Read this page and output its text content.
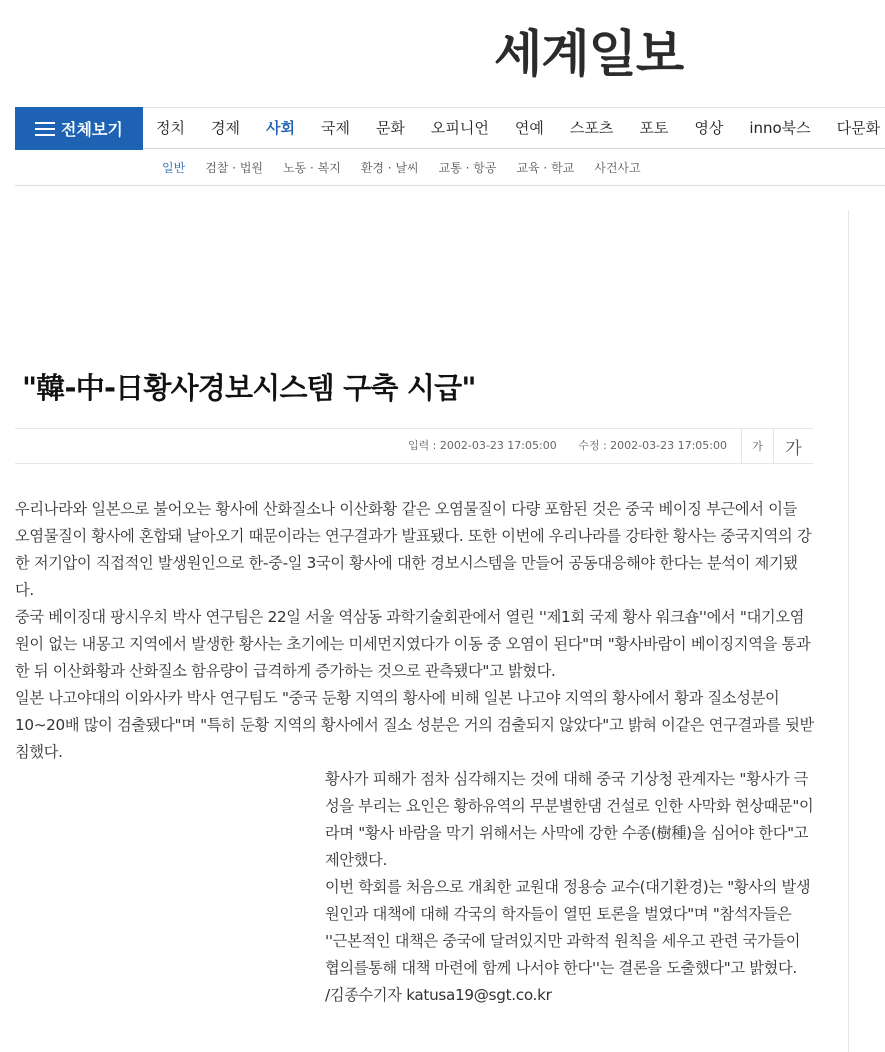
세계일보
전체보기	정치	경제	사회	국제	문화	오피니언	연예	스포츠	포토	영상	inno북스	다문화
일반 검찰 · 법원 노동 · 복지 환경 · 날씨 교통 · 항공 교육 · 학교 사건사고
"韓-中-日황사경보시스템 구축 시급"
입력 : 2002-03-23 17:05:00 수정 : 2002-03-23 17:05:00	가	가

우리나라와 일본으로 불어오는 황사에 산화질소나 이산화황 같은 오염물질이 다량 포함된 것은 중국 베이징 부근에서 이들 오염물질이 황사에 혼합돼 날아오기 때문이라는 연구결과가 발표됐다. 또한 이번에 우리나라를 강타한 황사는 중국지역의 강한 저기압이 직접적인 발생원인으로 한-중-일 3국이 황사에 대한 경보시스템을 만들어 공동대응해야 한다는 분석이 제기됐다.

중국 베이징대 팡시우치 박사 연구팀은 22일 서울 역삼동 과학기술회관에서 열린 ''제1회 국제 황사 워크숍''에서 "대기오염원이 없는 내몽고 지역에서 발생한 황사는 초기에는 미세먼지였다가 이동 중 오염이 된다"며 "황사바람이 베이징지역을 통과한 뒤 이산화황과 산화질소 함유량이 급격하게 증가하는 것으로 관측됐다"고 밝혔다.

일본 나고야대의 이와사카 박사 연구팀도 "중국 둔황 지역의 황사에 비해 일본 나고야 지역의 황사에서 황과 질소성분이 10∼20배 많이 검출됐다"며 "특히 둔황 지역의 황사에서 질소 성분은 거의 검출되지 않았다"고 밝혀 이같은 연구결과를 뒷받침했다.

황사가 피해가 점차 심각해지는 것에 대해 중국 기상청 관계자는 "황사가 극성을 부리는 요인은 황하유역의 무분별한댐 건설로 인한 사막화 현상때문"이라며 "황사 바람을 막기 위해서는 사막에 강한 수종(樹種)을 심어야 한다"고 제안했다.

이번 학회를 처음으로 개최한 교원대 정용승 교수(대기환경)는 "황사의 발생 원인과 대책에 대해 각국의 학자들이 열띤 토론을 벌였다"며 "참석자들은 ''근본적인 대책은 중국에 달려있지만 과학적 원칙을 세우고 관련 국가들이 협의를통해 대책 마련에 함께 나서야 한다''는 결론을 도출했다"고 밝혔다.

/김종수기자 katusa19@sgt.co.kr
